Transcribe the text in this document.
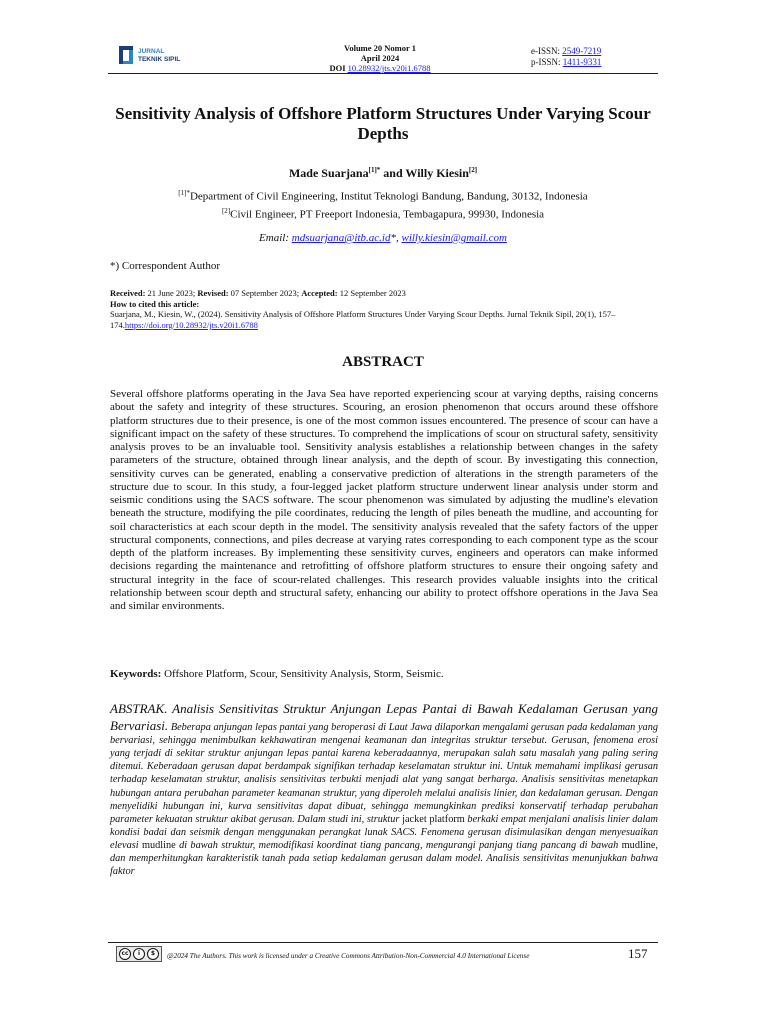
JURNAL
TEKNIK SIPIL
Volume 20 Nomor 1
April 2024
DOI 10.28932/jts.v20i1.6788
e-ISSN: 2549-7219
p-ISSN: 1411-9331
Sensitivity Analysis of Offshore Platform Structures Under Varying Scour Depths
Made Suarjana$^{[1]*}$ and Willy Kiesin[2]
$^{[1]*}$Department of Civil Engineering, Institut Teknologi Bandung, Bandung, 30132, Indonesia
[2]Civil Engineer, PT Freeport Indonesia, Tembagapura, 99930, Indonesia
Email: mdsuarjana@itb.ac.id*, willy.kiesin@gmail.com
*) Correspondent Author
Received: 21 June 2023; Revised: 07 September 2023; Accepted: 12 September 2023
How to cited this article:
Suarjana, M., Kiesin, W., (2024). Sensitivity Analysis of Offshore Platform Structures Under Varying Scour Depths. Jurnal Teknik Sipil, 20(1), 157–174.https://doi.org/10.28932/jts.v20i1.6788
ABSTRACT
Several offshore platforms operating in the Java Sea have reported experiencing scour at varying depths, raising concerns about the safety and integrity of these structures. Scouring, an erosion phenomenon that occurs around these offshore platform structures due to their presence, is one of the most common issues encountered. The presence of scour can have a significant impact on the safety of these structures. To comprehend the implications of scour on structural safety, sensitivity analysis proves to be an invaluable tool. Sensitivity analysis establishes a relationship between changes in the safety parameters of the structure, obtained through linear analysis, and the depth of scour. By investigating this connection, sensitivity curves can be generated, enabling a conservative prediction of alterations in the strength parameters of the structure due to scour. In this study, a four-legged jacket platform structure underwent linear analysis under storm and seismic conditions using the SACS software. The scour phenomenon was simulated by adjusting the mudline's elevation beneath the structure, modifying the pile coordinates, reducing the length of piles beneath the mudline, and accounting for soil characteristics at each scour depth in the model. The sensitivity analysis revealed that the safety factors of the upper structural components, connections, and piles decrease at varying rates corresponding to each component type as the scour depth of the platform increases. By implementing these sensitivity curves, engineers and operators can make informed decisions regarding the maintenance and retrofitting of offshore platform structures to ensure their ongoing safety and structural integrity in the face of scour-related challenges. This research provides valuable insights into the critical relationship between scour depth and structural safety, enhancing our ability to protect offshore operations in the Java Sea and similar environments.
Keywords: Offshore Platform, Scour, Sensitivity Analysis, Storm, Seismic.
ABSTRAK. Analisis Sensitivitas Struktur Anjungan Lepas Pantai di Bawah Kedalaman Gerusan yang Bervariasi. Beberapa anjungan lepas pantai yang beroperasi di Laut Jawa dilaporkan mengalami gerusan pada kedalaman yang bervariasi, sehingga menimbulkan kekhawatiran mengenai keamanan dan integritas struktur tersebut. Gerusan, fenomena erosi yang terjadi di sekitar struktur anjungan lepas pantai karena keberadaannya, merupakan salah satu masalah yang paling sering ditemui. Keberadaan gerusan dapat berdampak signifikan terhadap keselamatan struktur ini. Untuk memahami implikasi gerusan terhadap keselamatan struktur, analisis sensitivitas terbukti menjadi alat yang sangat berharga. Analisis sensitivitas menetapkan hubungan antara perubahan parameter keamanan struktur, yang diperoleh melalui analisis linier, dan kedalaman gerusan. Dengan menyelidiki hubungan ini, kurva sensitivitas dapat dibuat, sehingga memungkinkan prediksi konservatif terhadap perubahan parameter kekuatan struktur akibat gerusan. Dalam studi ini, struktur jacket platform berkaki empat menjalani analisis linier dalam kondisi badai dan seismik dengan menggunakan perangkat lunak SACS. Fenomena gerusan disimulasikan dengan menyesuaikan elevasi mudline di bawah struktur, memodifikasi koordinat tiang pancang, mengurangi panjang tiang pancang di bawah mudline, dan memperhitungkan karakteristik tanah pada setiap kedalaman gerusan dalam model. Analisis sensitivitas menunjukkan bahwa faktor
cc	i	$	@2024 The Authors. This work is licensed under a Creative Commons Attribution-Non-Commercial 4.0 International License	157
